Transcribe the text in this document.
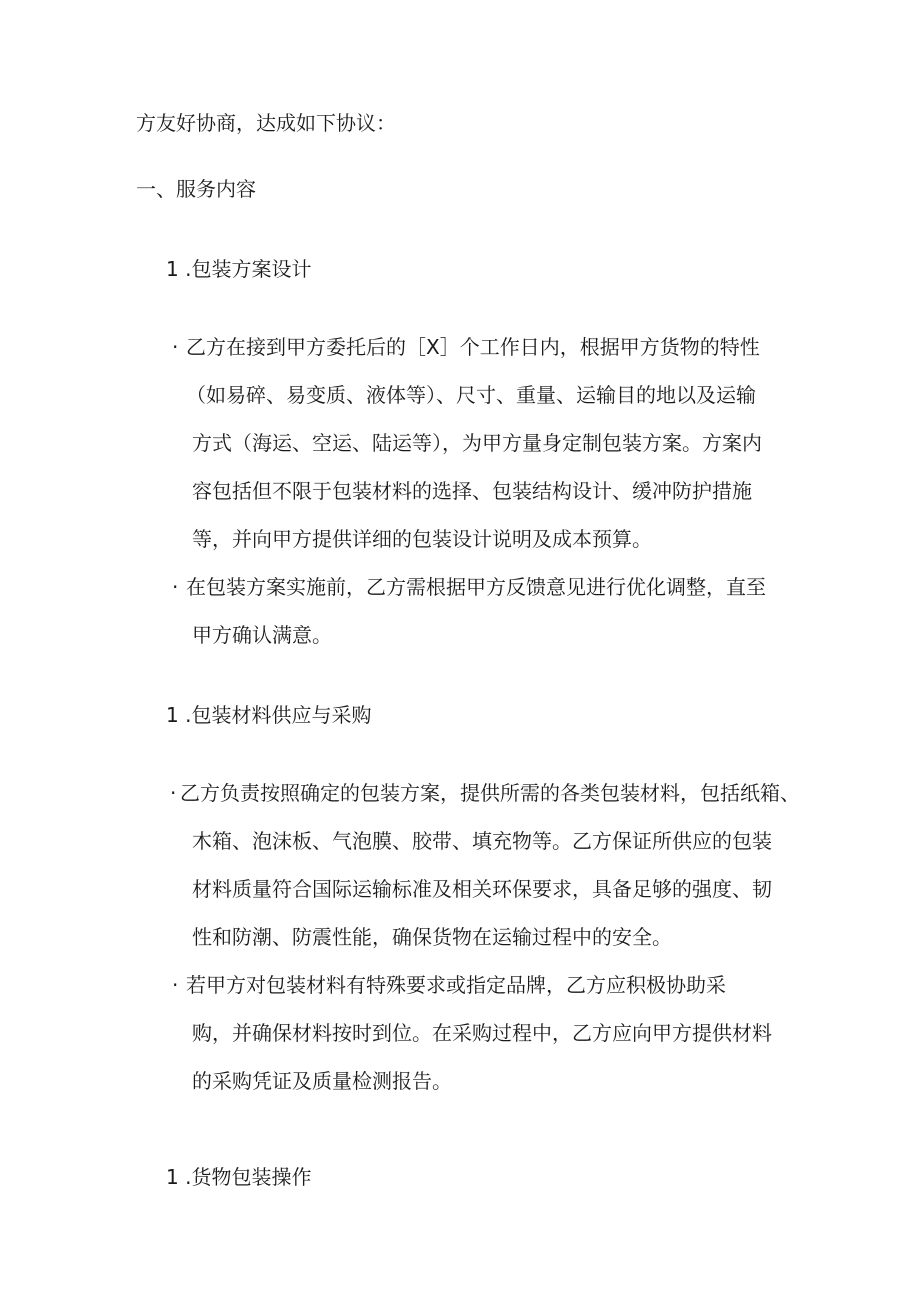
方友好协商，达成如下协议：
一、服务内容
1 .包装方案设计
· 乙方在接到甲方委托后的［X］个工作日内，根据甲方货物的特性
（如易碎、易变质、液体等）、尺寸、重量、运输目的地以及运输
方式（海运、空运、陆运等），为甲方量身定制包装方案。方案内
容包括但不限于包装材料的选择、包装结构设计、缓冲防护措施
等，并向甲方提供详细的包装设计说明及成本预算。
· 在包装方案实施前，乙方需根据甲方反馈意见进行优化调整，直至
甲方确认满意。
1 .包装材料供应与采购
· 乙方负责按照确定的包装方案，提供所需的各类包装材料，包括纸箱、
木箱、泡沫板、气泡膜、胶带、填充物等。乙方保证所供应的包装
材料质量符合国际运输标准及相关环保要求，具备足够的强度、韧
性和防潮、防震性能，确保货物在运输过程中的安全。
· 若甲方对包装材料有特殊要求或指定品牌，乙方应积极协助采
购，并确保材料按时到位。在采购过程中，乙方应向甲方提供材料
的采购凭证及质量检测报告。
1 .货物包装操作
